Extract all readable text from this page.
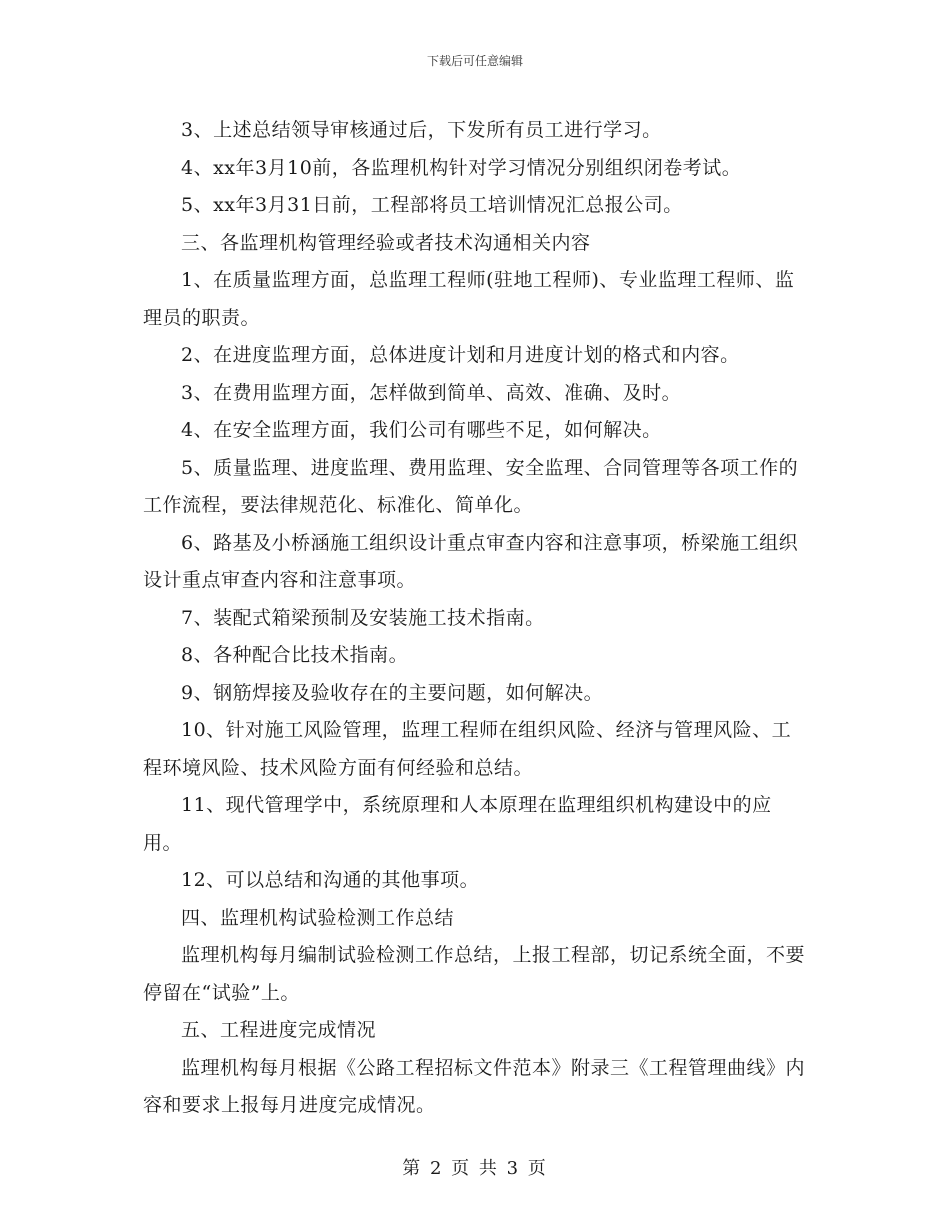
下载后可任意编辑

3、上述总结领导审核通过后，下发所有员工进行学习。

4、xx年3月10前，各监理机构针对学习情况分别组织闭卷考试。

5、xx年3月31日前，工程部将员工培训情况汇总报公司。

三、各监理机构管理经验或者技术沟通相关内容

1、在质量监理方面，总监理工程师(驻地工程师)、专业监理工程师、监理员的职责。

2、在进度监理方面，总体进度计划和月进度计划的格式和内容。

3、在费用监理方面，怎样做到简单、高效、准确、及时。

4、在安全监理方面，我们公司有哪些不足，如何解决。

5、质量监理、进度监理、费用监理、安全监理、合同管理等各项工作的工作流程，要法律规范化、标准化、简单化。

6、路基及小桥涵施工组织设计重点审查内容和注意事项，桥梁施工组织设计重点审查内容和注意事项。

7、装配式箱梁预制及安装施工技术指南。

8、各种配合比技术指南。

9、钢筋焊接及验收存在的主要问题，如何解决。

10、针对施工风险管理，监理工程师在组织风险、经济与管理风险、工程环境风险、技术风险方面有何经验和总结。

11、现代管理学中，系统原理和人本原理在监理组织机构建设中的应用。

12、可以总结和沟通的其他事项。

四、监理机构试验检测工作总结

监理机构每月编制试验检测工作总结，上报工程部，切记系统全面，不要停留在“试验”上。

五、工程进度完成情况

监理机构每月根据《公路工程招标文件范本》附录三《工程管理曲线》内容和要求上报每月进度完成情况。

第 2 页 共 3 页
